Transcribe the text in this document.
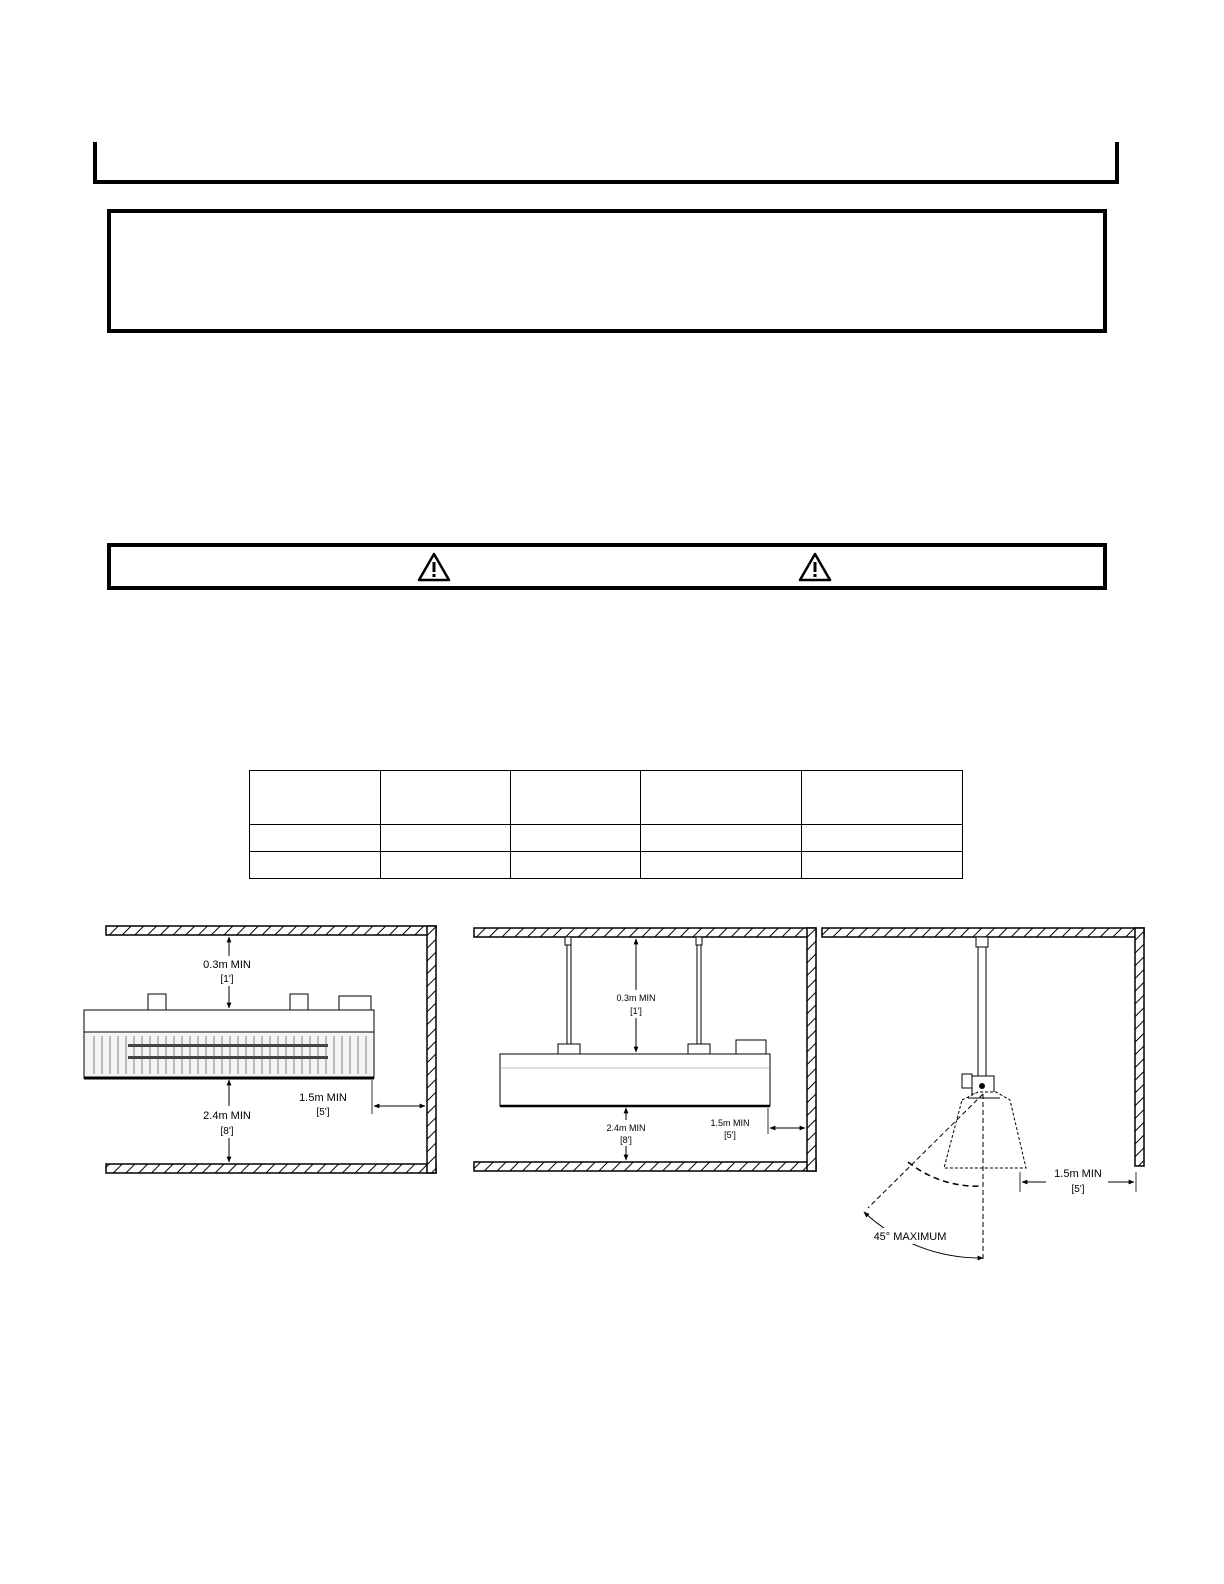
0.3m MIN
[1']
2.4m MIN
[8']
1.5m MIN
[5']
0.3m MIN
[1']
2.4m MIN
[8']
1.5m MIN
[5']
45° MAXIMUM
1.5m MIN
[5']
